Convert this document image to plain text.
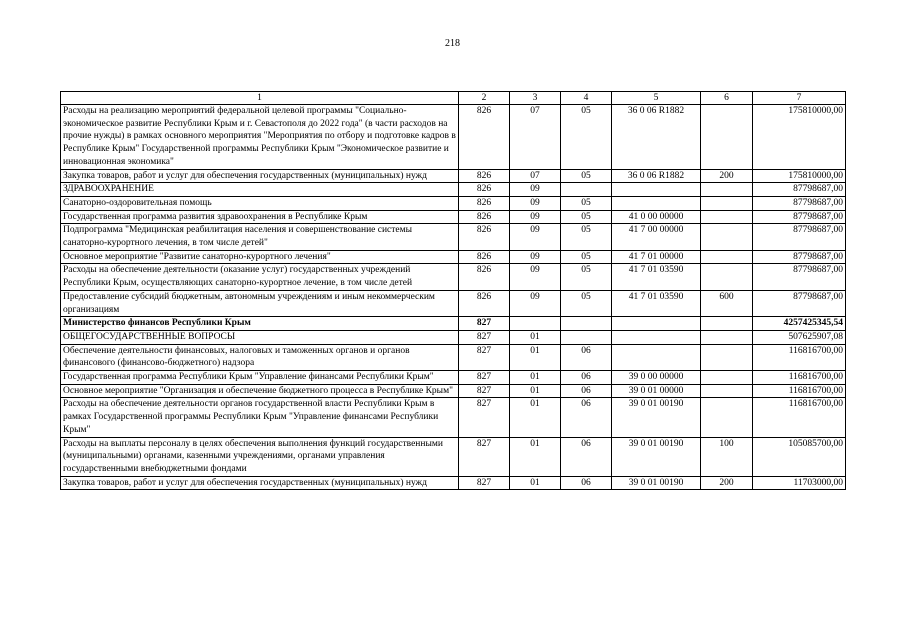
218
1	2	3	4	5	6	7
Расходы на реализацию мероприятий федеральной целевой программы "Социально-экономическое развитие Республики Крым и г. Севастополя до 2022 года" (в части расходов на прочие нужды) в рамках основного мероприятия "Мероприятия по отбору и подготовке кадров в Республике Крым" Государственной программы Республики Крым "Экономическое развитие и инновационная экономика"	826	07	05	36 0 06 R1882		175810000,00
Закупка товаров, работ и услуг для обеспечения государственных (муниципальных) нужд	826	07	05	36 0 06 R1882	200	175810000,00
ЗДРАВООХРАНЕНИЕ	826	09				87798687,00
Санаторно-оздоровительная помощь	826	09	05			87798687,00
Государственная программа развития здравоохранения в Республике Крым	826	09	05	41 0 00 00000		87798687,00
Подпрограмма "Медицинская реабилитация населения и совершенствование системы санаторно-курортного лечения, в том числе детей"	826	09	05	41 7 00 00000		87798687,00
Основное мероприятие "Развитие санаторно-курортного лечения"	826	09	05	41 7 01 00000		87798687,00
Расходы на обеспечение деятельности (оказание услуг) государственных учреждений Республики Крым, осуществляющих санаторно-курортное лечение, в том числе детей	826	09	05	41 7 01 03590		87798687,00
Предоставление субсидий бюджетным, автономным учреждениям и иным некоммерческим организациям	826	09	05	41 7 01 03590	600	87798687,00
Министерство финансов Республики Крым	827					4257425345,54
ОБЩЕГОСУДАРСТВЕННЫЕ ВОПРОСЫ	827	01				507625907,08
Обеспечение деятельности финансовых, налоговых и таможенных органов и органов финансового (финансово-бюджетного) надзора	827	01	06			116816700,00
Государственная программа Республики Крым "Управление финансами Республики Крым"	827	01	06	39 0 00 00000		116816700,00
Основное мероприятие "Организация и обеспечение бюджетного процесса в Республике Крым"	827	01	06	39 0 01 00000		116816700,00
Расходы на обеспечение деятельности органов государственной власти Республики Крым в рамках Государственной программы Республики Крым "Управление финансами Республики Крым"	827	01	06	39 0 01 00190		116816700,00
Расходы на выплаты персоналу в целях обеспечения выполнения функций государственными (муниципальными) органами, казенными учреждениями, органами управления государственными внебюджетными фондами	827	01	06	39 0 01 00190	100	105085700,00
Закупка товаров, работ и услуг для обеспечения государственных (муниципальных) нужд	827	01	06	39 0 01 00190	200	11703000,00
